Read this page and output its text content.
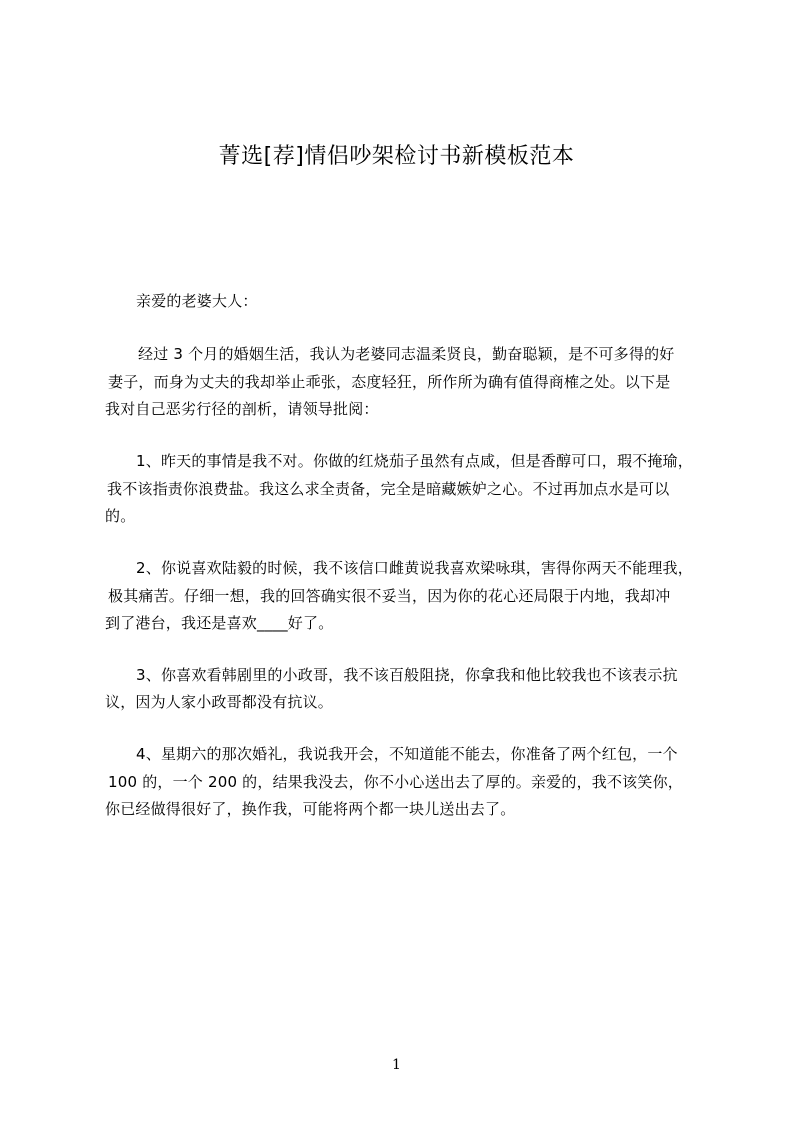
菁选[荐]情侣吵架检讨书新模板范本
亲爱的老婆大人：
经过 3 个月的婚姻生活，我认为老婆同志温柔贤良，勤奋聪颖，是不可多得的好
妻子，而身为丈夫的我却举止乖张，态度轻狂，所作所为确有值得商榷之处。以下是
我对自己恶劣行径的剖析，请领导批阅：
1、昨天的事情是我不对。你做的红烧茄子虽然有点咸，但是香醇可口，瑕不掩瑜，
我不该指责你浪费盐。我这么求全责备，完全是暗藏嫉妒之心。不过再加点水是可以
的。
2、你说喜欢陆毅的时候，我不该信口雌黄说我喜欢梁咏琪，害得你两天不能理我，
极其痛苦。仔细一想，我的回答确实很不妥当，因为你的花心还局限于内地，我却冲
到了港台，我还是喜欢____好了。
3、你喜欢看韩剧里的小政哥，我不该百般阻挠，你拿我和他比较我也不该表示抗
议，因为人家小政哥都没有抗议。
4、星期六的那次婚礼，我说我开会，不知道能不能去，你准备了两个红包，一个
100 的，一个 200 的，结果我没去，你不小心送出去了厚的。亲爱的，我不该笑你，
你已经做得很好了，换作我，可能将两个都一块儿送出去了。
1
